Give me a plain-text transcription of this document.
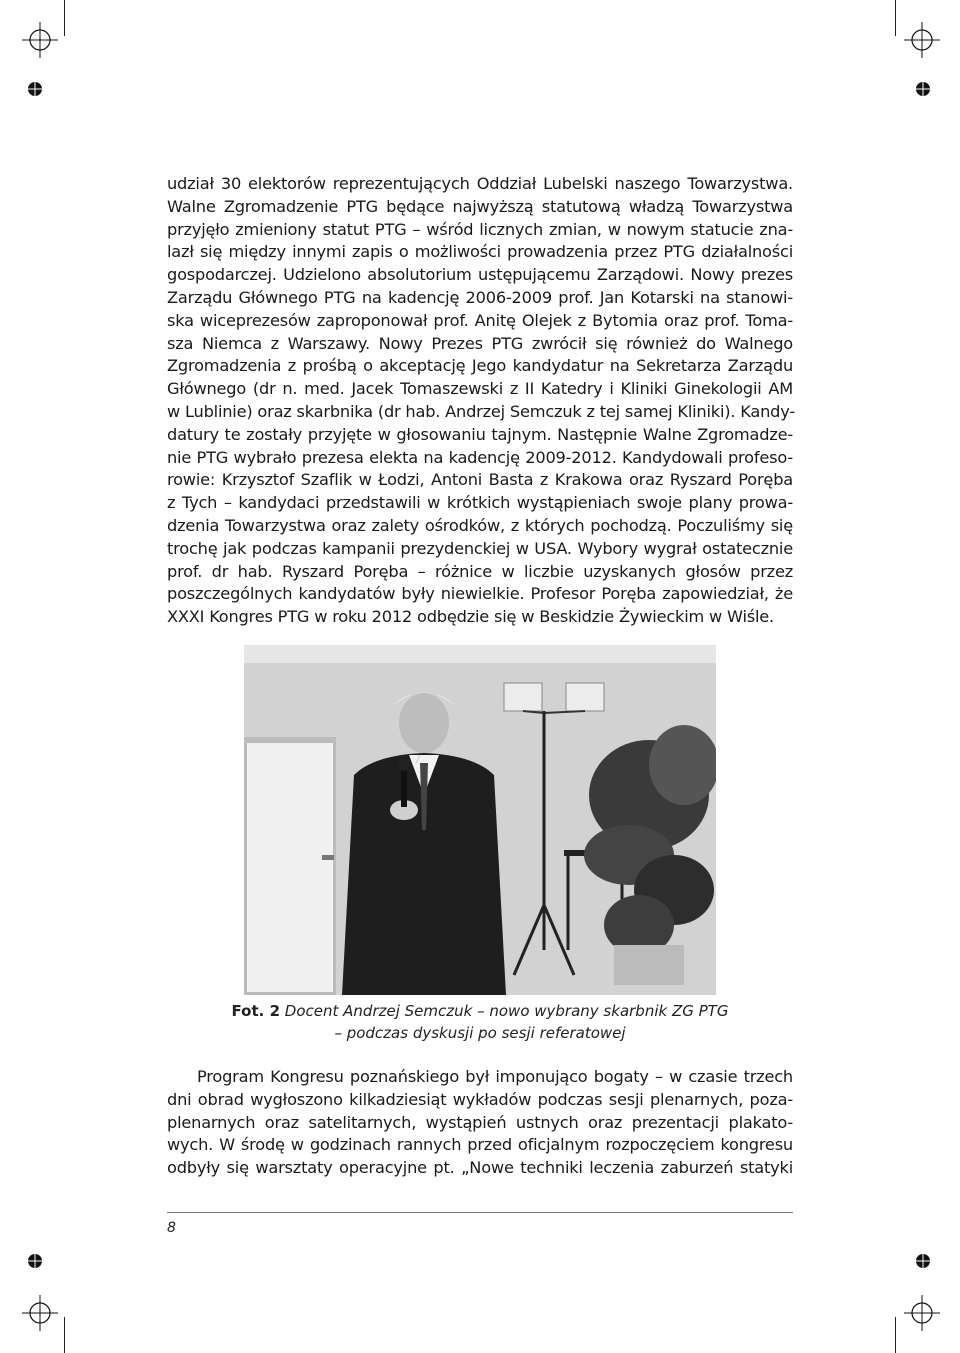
udział 30 elektorów reprezentujących Oddział Lubelski naszego Towarzystwa.
Walne Zgromadzenie PTG będące najwyższą statutową władzą Towarzystwa
przyjęło zmieniony statut PTG – wśród licznych zmian, w nowym statucie zna-
lazł się między innymi zapis o możliwości prowadzenia przez PTG działalności
gospodarczej. Udzielono absolutorium ustępującemu Zarządowi. Nowy prezes
Zarządu Głównego PTG na kadencję 2006-2009 prof. Jan Kotarski na stanowi-
ska wiceprezesów zaproponował prof. Anitę Olejek z Bytomia oraz prof. Toma-
sza Niemca z Warszawy. Nowy Prezes PTG zwrócił się również do Walnego
Zgromadzenia z prośbą o akceptację Jego kandydatur na Sekretarza Zarządu
Głównego (dr n. med. Jacek Tomaszewski z II Katedry i Kliniki Ginekologii AM
w Lublinie) oraz skarbnika (dr hab. Andrzej Semczuk z tej samej Kliniki). Kandy-
datury te zostały przyjęte w głosowaniu tajnym. Następnie Walne Zgromadze-
nie PTG wybrało prezesa elekta na kadencję 2009-2012. Kandydowali profeso-
rowie: Krzysztof Szaflik w Łodzi, Antoni Basta z Krakowa oraz Ryszard Poręba
z Tych – kandydaci przedstawili w krótkich wystąpieniach swoje plany prowa-
dzenia Towarzystwa oraz zalety ośrodków, z których pochodzą. Poczuliśmy się
trochę jak podczas kampanii prezydenckiej w USA. Wybory wygrał ostatecznie
prof. dr hab. Ryszard Poręba – różnice w liczbie uzyskanych głosów przez
poszczególnych kandydatów były niewielkie. Profesor Poręba zapowiedział, że
XXXI Kongres PTG w roku 2012 odbędzie się w Beskidzie Żywieckim w Wiśle.
Fot. 2 Docent Andrzej Semczuk – nowo wybrany skarbnik ZG PTG
– podczas dyskusji po sesji referatowej
Program Kongresu poznańskiego był imponująco bogaty – w czasie trzech
dni obrad wygłoszono kilkadziesiąt wykładów podczas sesji plenarnych, poza-
plenarnych oraz satelitarnych, wystąpień ustnych oraz prezentacji plakato-
wych. W środę w godzinach rannych przed oficjalnym rozpoczęciem kongresu
odbyły się warsztaty operacyjne pt. „Nowe techniki leczenia zaburzeń statyki
8
